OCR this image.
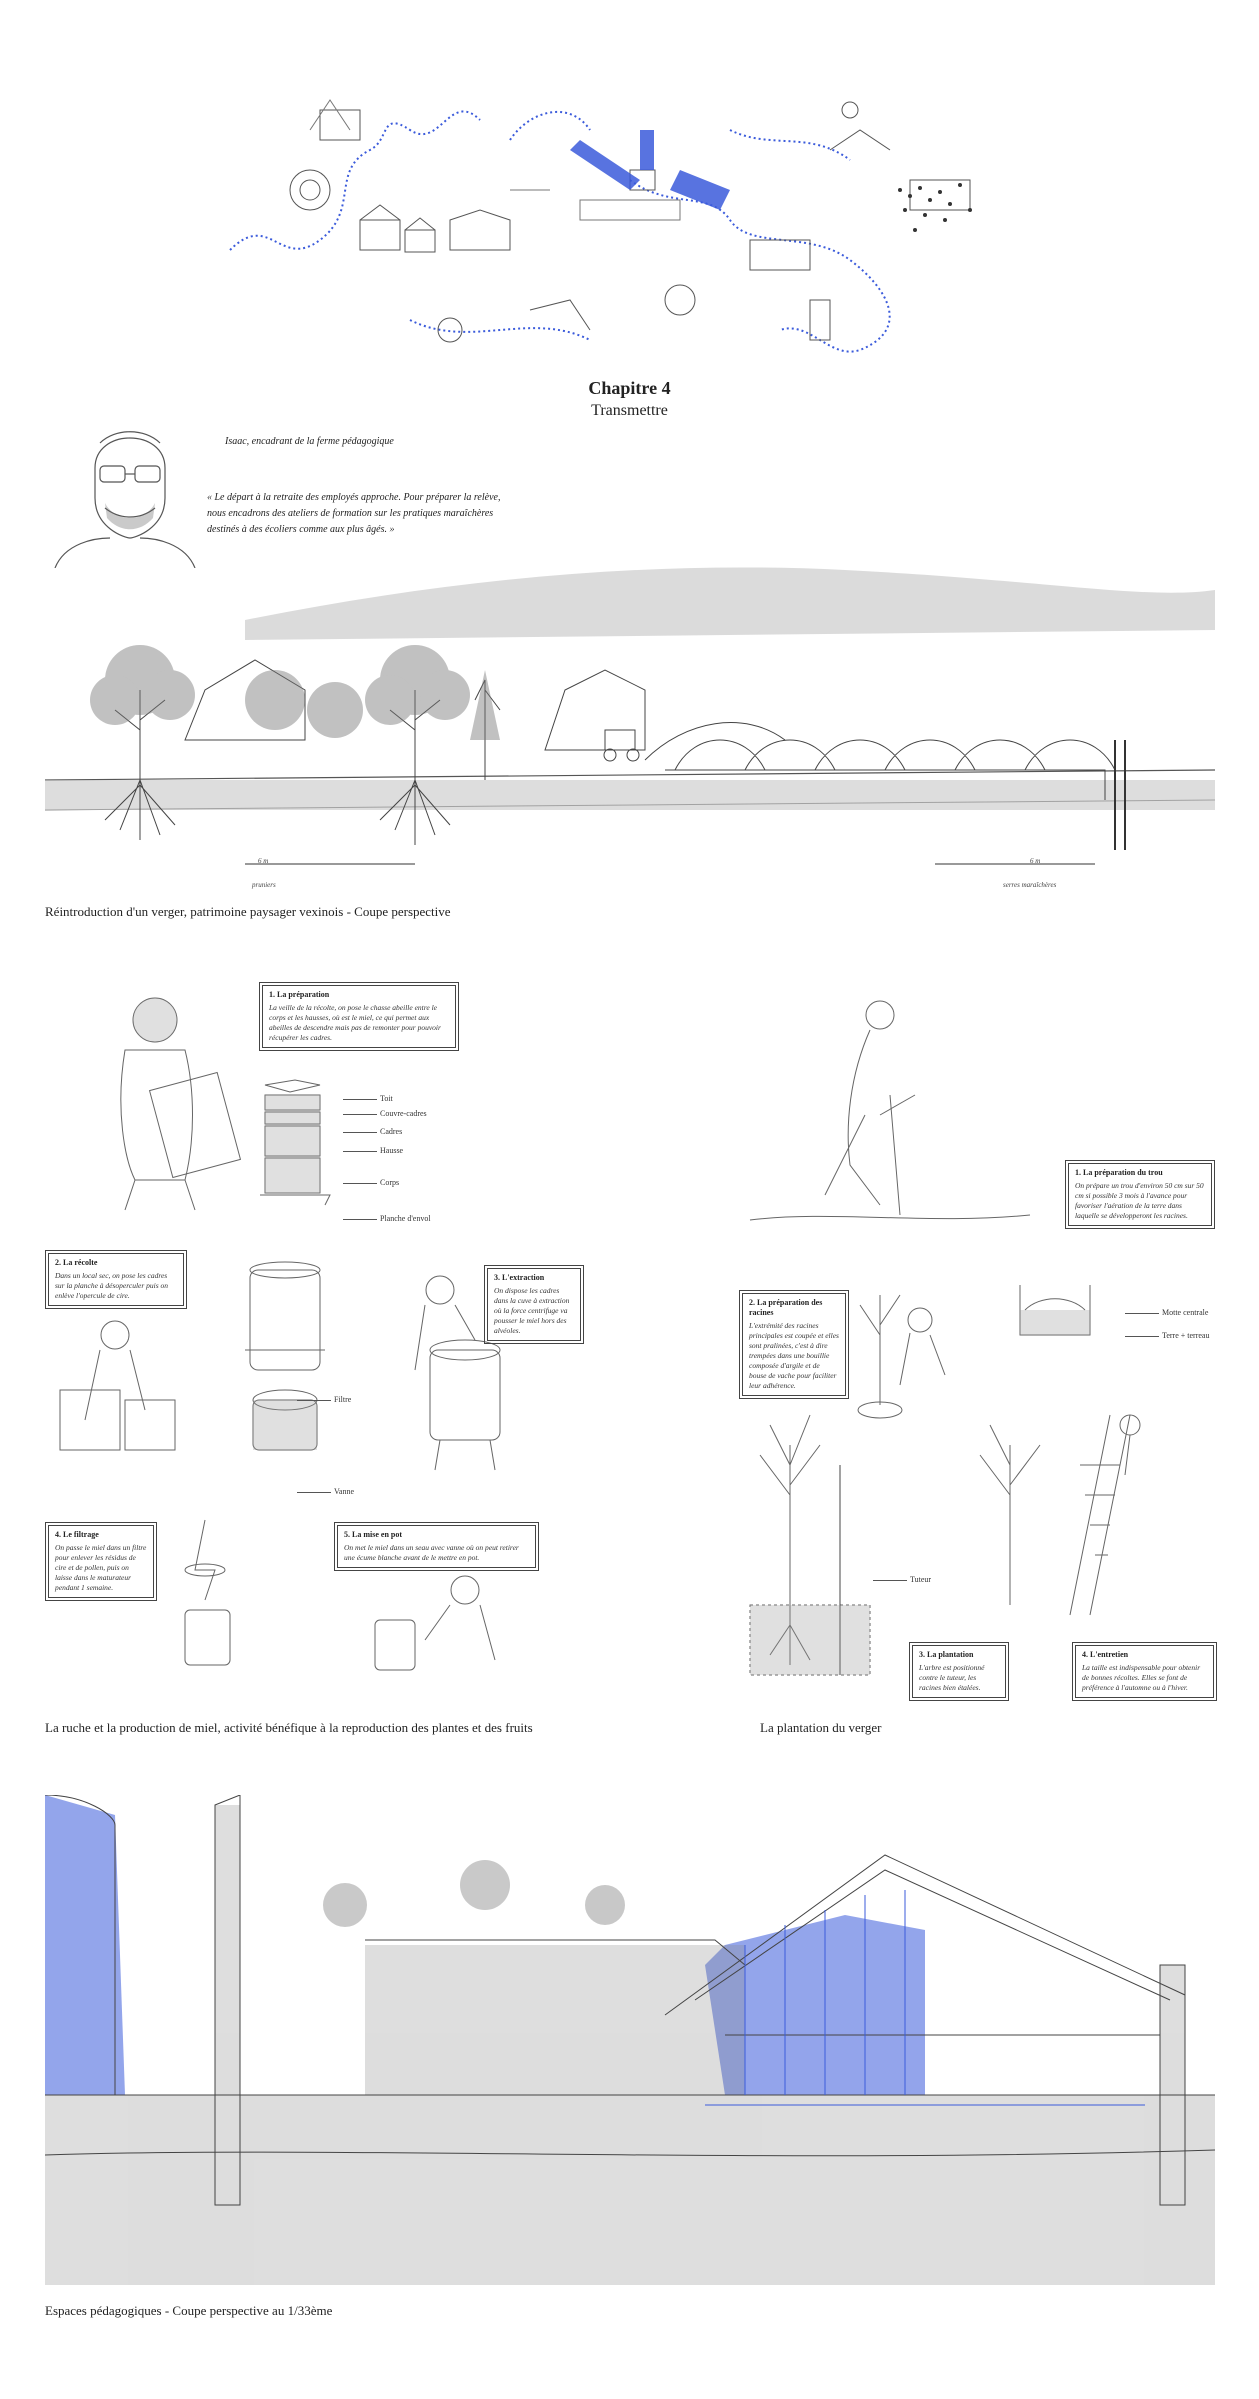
Chapitre 4
Transmettre
Isaac, encadrant de la ferme pédagogique
« Le départ à la retraite des employés approche. Pour préparer la relève, nous encadrons des ateliers de formation sur les pratiques maraîchères destinés à des écoliers comme aux plus âgés. »
6 m
pruniers
6 m
serres maraîchères
Réintroduction d'un verger, patrimoine paysager vexinois - Coupe perspective
1. La préparation
La veille de la récolte, on pose le chasse abeille entre le corps et les hausses, où est le miel, ce qui permet aux abeilles de descendre mais pas de remonter pour pouvoir récupérer les cadres.
2. La récolte
Dans un local sec, on pose les cadres sur la planche à désoperculer puis on enlève l'opercule de cire.
3. L'extraction
On dispose les cadres dans la cuve à extraction où la force centrifuge va pousser le miel hors des alvéoles.
4. Le filtrage
On passe le miel dans un filtre pour enlever les résidus de cire et de pollen, puis on laisse dans le maturateur pendant 1 semaine.
5. La mise en pot
On met le miel dans un seau avec vanne où on peut retirer une écume blanche avant de le mettre en pot.
Toit
Couvre-cadres
Cadres
Hausse
Corps
Planche d'envol
Filtre
Vanne
La ruche et la production de miel, activité bénéfique à la reproduction des plantes et des fruits
1. La préparation du trou
On prépare un trou d'environ 50 cm sur 50 cm si possible 3 mois à l'avance pour favoriser l'aération de la terre dans laquelle se développeront les racines.
2. La préparation des racines
L'extrémité des racines principales est coupée et elles sont pralinées, c'est à dire trempées dans une bouillie composée d'argile et de bouse de vache pour faciliter leur adhérence.
3. La plantation
L'arbre est positionné contre le tuteur, les racines bien étalées.
4. L'entretien
La taille est indispensable pour obtenir de bonnes récoltes. Elles se font de préférence à l'automne ou à l'hiver.
Motte centrale
Terre + terreau
Tuteur
La plantation du verger
Espaces pédagogiques - Coupe perspective au 1/33ème
